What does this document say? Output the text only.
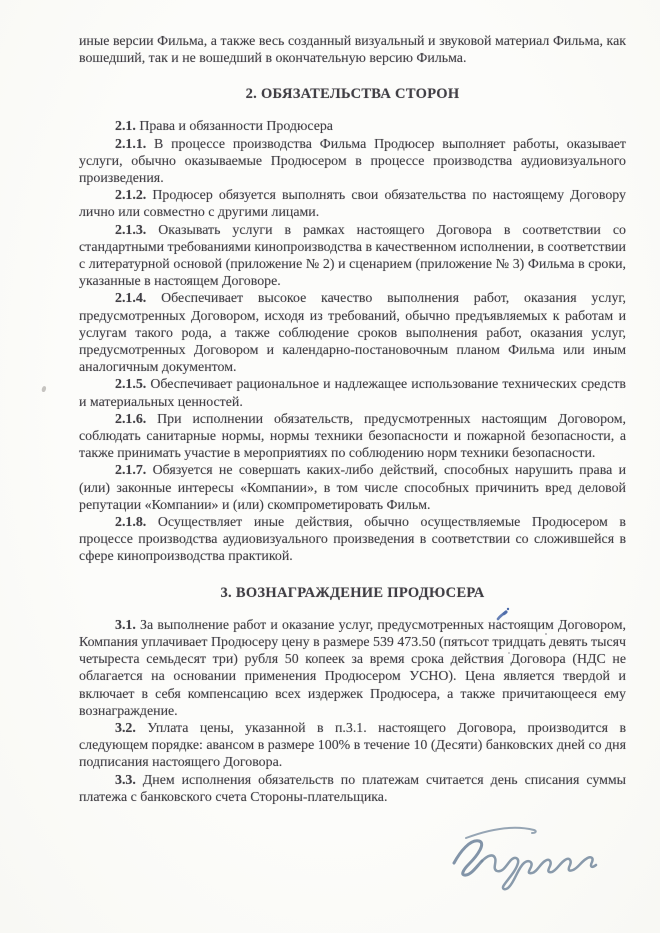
иные версии Фильма, а также весь созданный визуальный и звуковой материал Фильма, как вошедший, так и не вошедший в окончательную версию Фильма.

2. ОБЯЗАТЕЛЬСТВА СТОРОН

2.1. Права и обязанности Продюсера

2.1.1. В процессе производства Фильма Продюсер выполняет работы, оказывает услуги, обычно оказываемые Продюсером в процессе производства аудиовизуального произведения.

2.1.2. Продюсер обязуется выполнять свои обязательства по настоящему Договору лично или совместно с другими лицами.

2.1.3. Оказывать услуги в рамках настоящего Договора в соответствии со стандартными требованиями кинопроизводства в качественном исполнении, в соответствии с литературной основой (приложение № 2) и сценарием (приложение № 3) Фильма в сроки, указанные в настоящем Договоре.

2.1.4. Обеспечивает высокое качество выполнения работ, оказания услуг, предусмотренных Договором, исходя из требований, обычно предъявляемых к работам и услугам такого рода, а также соблюдение сроков выполнения работ, оказания услуг, предусмотренных Договором и календарно-постановочным планом Фильма или иным аналогичным документом.

2.1.5. Обеспечивает рациональное и надлежащее использование технических средств и материальных ценностей.

2.1.6. При исполнении обязательств, предусмотренных настоящим Договором, соблюдать санитарные нормы, нормы техники безопасности и пожарной безопасности, а также принимать участие в мероприятиях по соблюдению норм техники безопасности.

2.1.7. Обязуется не совершать каких-либо действий, способных нарушить права и (или) законные интересы «Компании», в том числе способных причинить вред деловой репутации «Компании» и (или) скомпрометировать Фильм.

2.1.8. Осуществляет иные действия, обычно осуществляемые Продюсером в процессе производства аудиовизуального произведения в соответствии со сложившейся в сфере кинопроизводства практикой.

3. ВОЗНАГРАЖДЕНИЕ ПРОДЮСЕРА

3.1. За выполнение работ и оказание услуг, предусмотренных настоящим Договором, Компания уплачивает Продюсеру цену в размере 539 473.50 (пятьсот тридцать девять тысяч четыреста семьдесят три) рубля 50 копеек за время срока действия Договора (НДС не облагается на основании применения Продюсером УСНО). Цена является твердой и включает в себя компенсацию всех издержек Продюсера, а также причитающееся ему вознаграждение.

3.2. Уплата цены, указанной в п.3.1. настоящего Договора, производится в следующем порядке: авансом в размере 100% в течение 10 (Десяти) банковских дней со дня подписания настоящего Договора.

3.3. Днем исполнения обязательств по платежам считается день списания суммы платежа с банковского счета Стороны-плательщика.
